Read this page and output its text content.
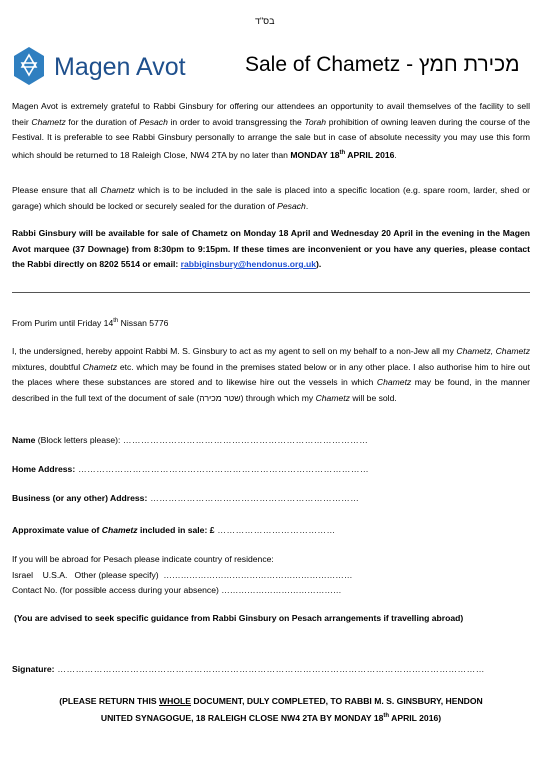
בס"ד
Magen Avot	Sale of Chametz - מכירת חמץ
Magen Avot is extremely grateful to Rabbi Ginsbury for offering our attendees an opportunity to avail themselves of the facility to sell their Chametz for the duration of Pesach in order to avoid transgressing the Torah prohibition of owning leaven during the course of the Festival. It is preferable to see Rabbi Ginsbury personally to arrange the sale but in case of absolute necessity you may use this form which should be returned to 18 Raleigh Close, NW4 2TA by no later than MONDAY 18th APRIL 2016.
Please ensure that all Chametz which is to be included in the sale is placed into a specific location (e.g. spare room, larder, shed or garage) which should be locked or securely sealed for the duration of Pesach.
Rabbi Ginsbury will be available for sale of Chametz on Monday 18 April and Wednesday 20 April in the evening in the Magen Avot marquee (37 Downage) from 8:30pm to 9:15pm. If these times are inconvenient or you have any queries, please contact the Rabbi directly on 8202 5514 or email: rabbiginsbury@hendonus.org.uk).
From Purim until Friday 14th Nissan 5776
I, the undersigned, hereby appoint Rabbi M. S. Ginsbury to act as my agent to sell on my behalf to a non-Jew all my Chametz, Chametz mixtures, doubtful Chametz etc. which may be found in the premises stated below or in any other place. I also authorise him to hire out the places where these substances are stored and to likewise hire out the vessels in which Chametz may be found, in the manner described in the full text of the document of sale (שטר מכירה) through which my Chametz will be sold.
Name (Block letters please): ………………………………………………………………………
Home Address: ……………………………………………………………………………………
Business (or any other) Address: ……………………………………………………………
Approximate value of Chametz included in sale: £ …………………………………
If you will be abroad for Pesach please indicate country of residence:
Israel    U.S.A.   Other (please specify)  …………………………………………………………
Contact No. (for possible access during your absence) ……………………………………
(You are advised to seek specific guidance from Rabbi Ginsbury on Pesach arrangements if travelling abroad)
Signature: ……………………………………………………………………………………………………………………………
(PLEASE RETURN THIS WHOLE DOCUMENT, DULY COMPLETED, TO RABBI M. S. GINSBURY, HENDON
UNITED SYNAGOGUE, 18 RALEIGH CLOSE NW4 2TA BY MONDAY 18th APRIL 2016)
